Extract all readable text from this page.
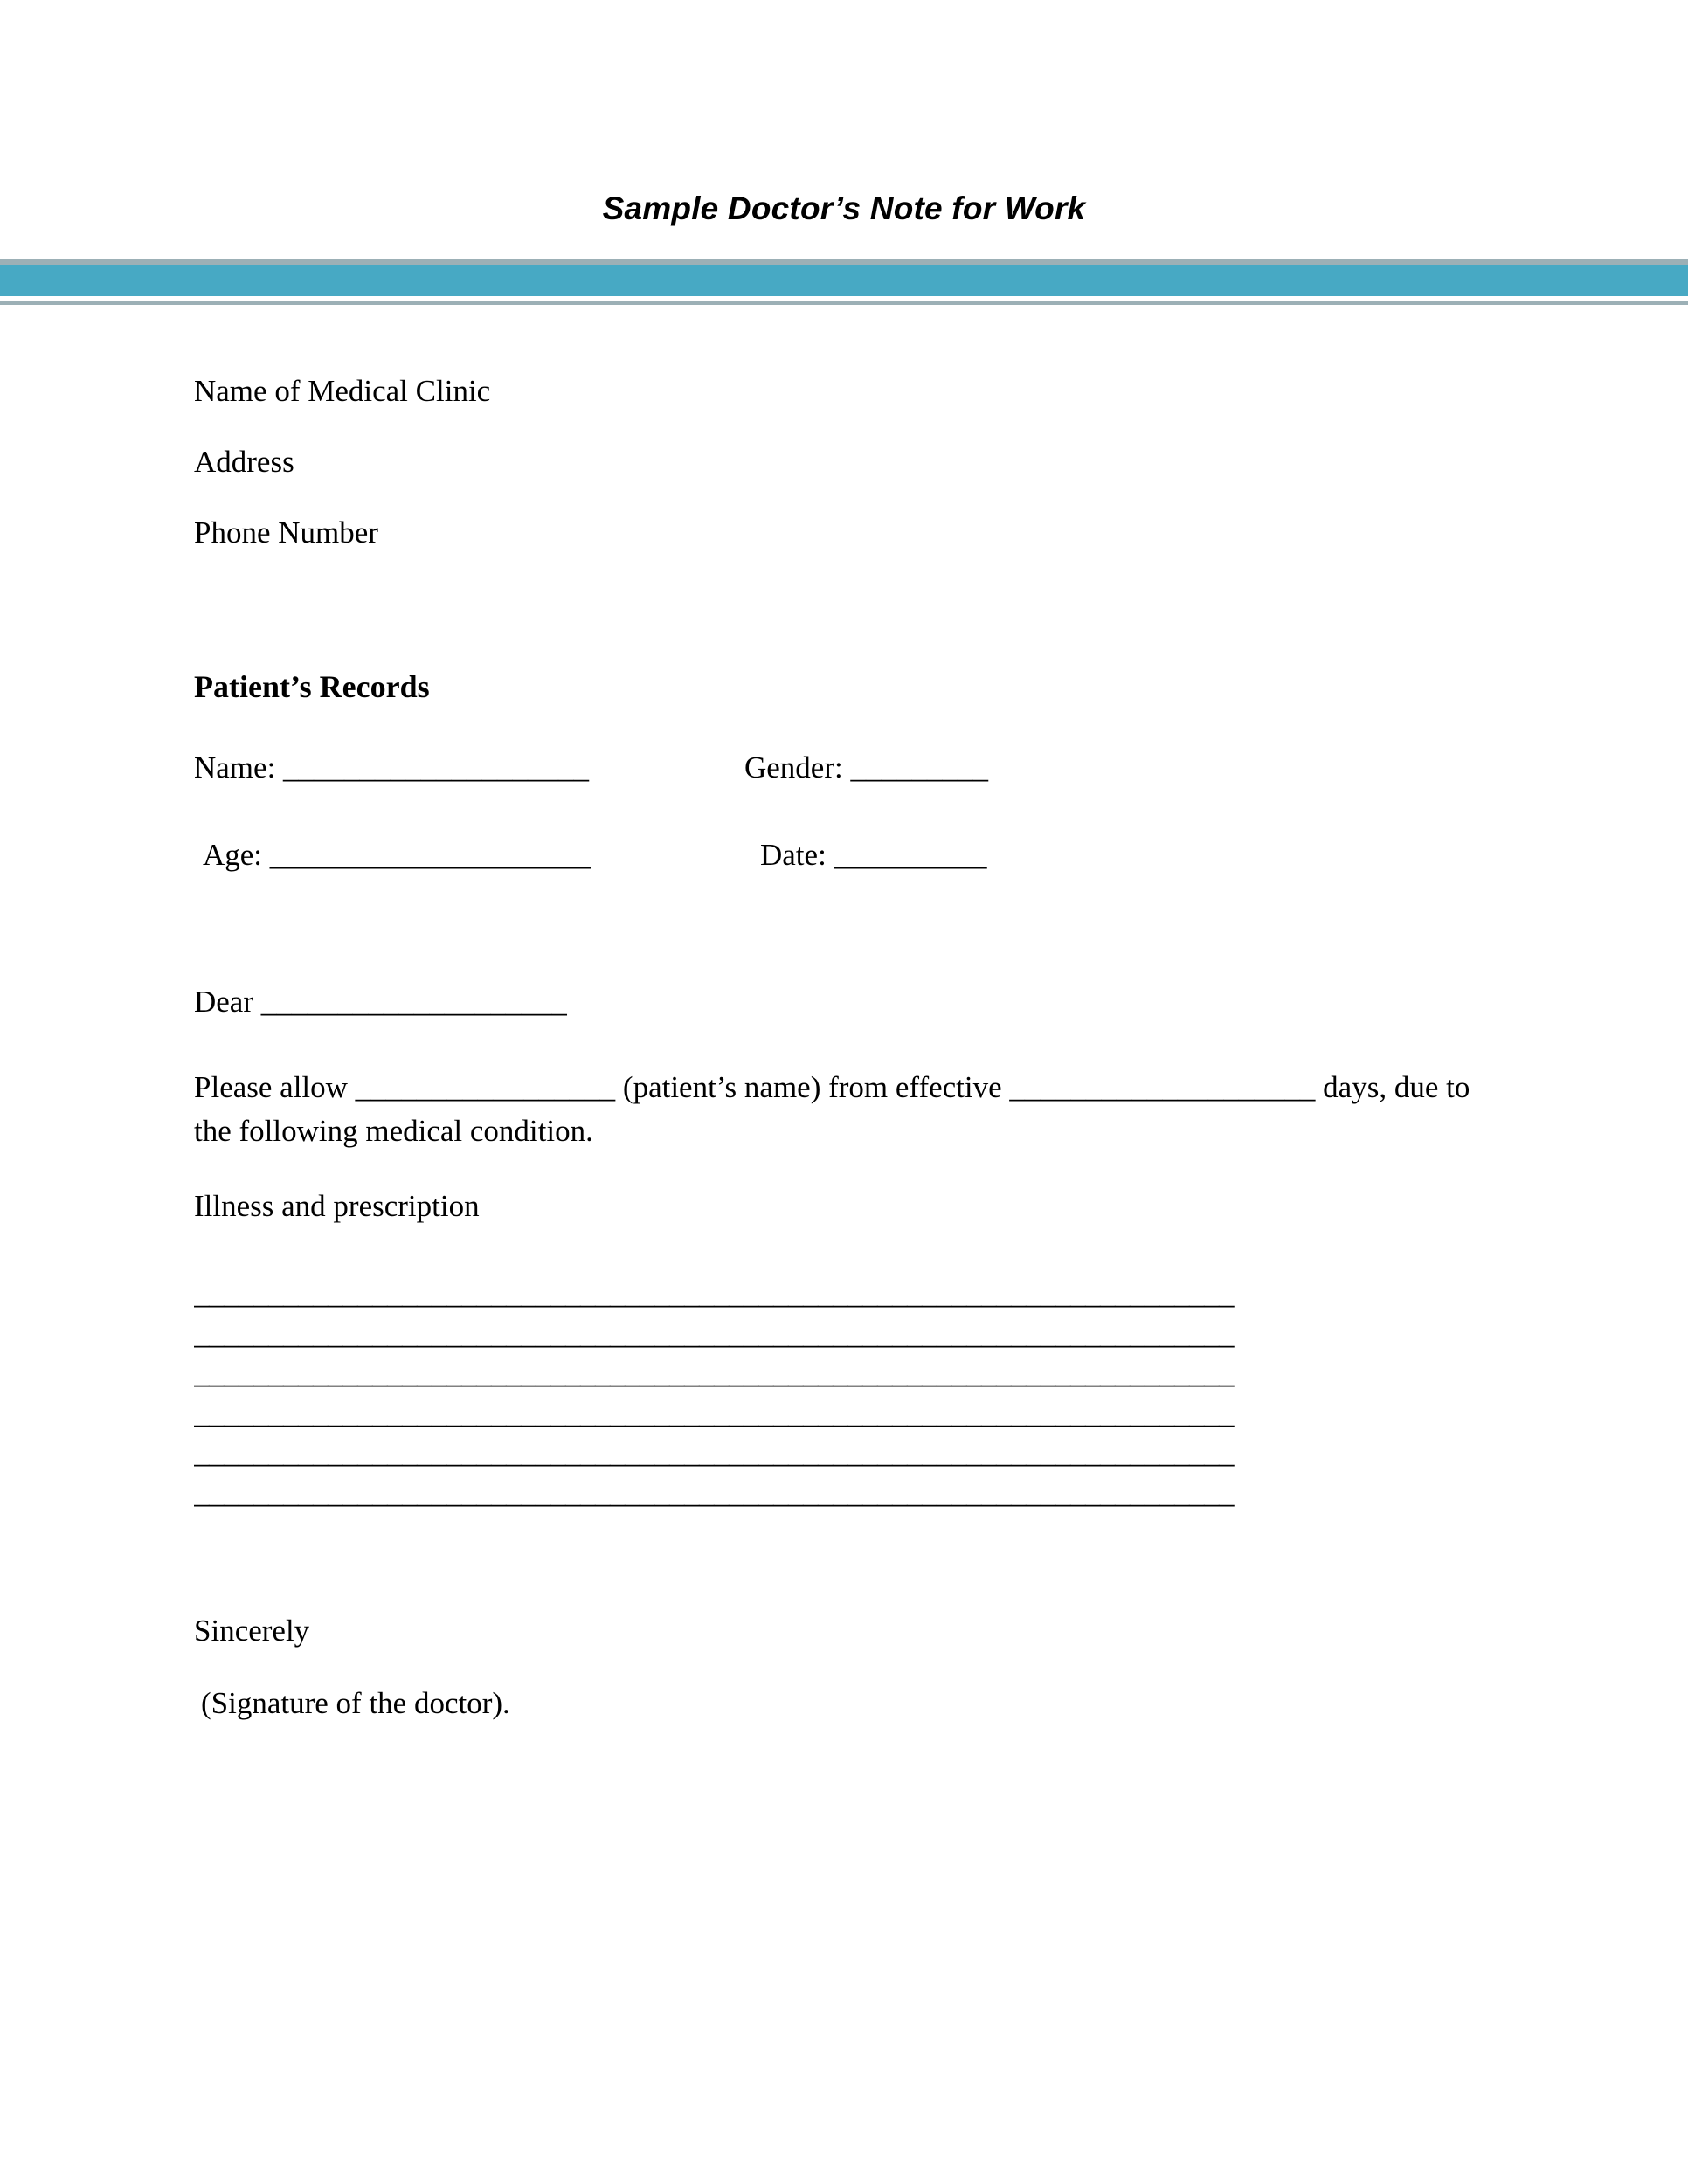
Sample Doctor’s Note for Work
Name of Medical Clinic
Address
Phone Number
Patient’s Records
Name: ____________________	Gender: _________
Age: _____________________	Date: __________
Dear ____________________
Please allow _________________ (patient’s name) from effective ____________________ days, due to the following medical condition.
Illness and prescription
______________________________________________________________________
______________________________________________________________________
______________________________________________________________________
______________________________________________________________________
______________________________________________________________________
______________________________________________________________________
Sincerely
(Signature of the doctor).
